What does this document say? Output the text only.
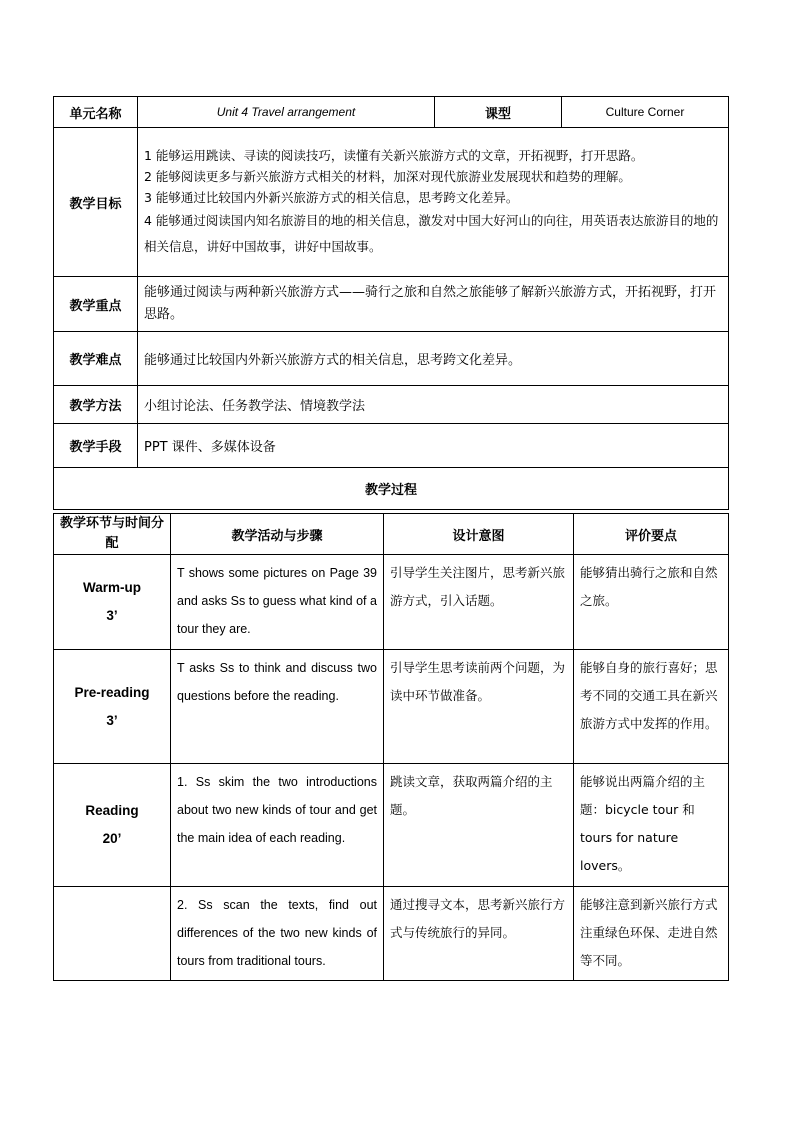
单元名称	Unit 4 Travel arrangement	课型	Culture Corner
教学目标	1 能够运用跳读、寻读的阅读技巧，读懂有关新兴旅游方式的文章，开拓视野，打开思路。
2 能够阅读更多与新兴旅游方式相关的材料，加深对现代旅游业发展现状和趋势的理解。
3 能够通过比较国内外新兴旅游方式的相关信息，思考跨文化差异。
4 能够通过阅读国内知名旅游目的地的相关信息，激发对中国大好河山的向往，用英语表达旅游目的地的相关信息，讲好中国故事，讲好中国故事。		

教学重点	能够通过阅读与两种新兴旅游方式——骑行之旅和自然之旅能够了解新兴旅游方式，开拓视野，打开思路。		
教学难点	能够通过比较国内外新兴旅游方式的相关信息，思考跨文化差异。		
教学方法	小组讨论法、任务教学法、情境教学法		
教学手段	PPT 课件、多媒体设备		
教学过程			
教学环节与时间分配	教学活动与步骤	设计意图	评价要点

Warm-up
3’	T shows some pictures on Page 39 and asks Ss to guess what kind of a tour they are.	引导学生关注图片，思考新兴旅游方式，引入话题。	能够猜出骑行之旅和自然之旅。

Pre-reading
3’	T asks Ss to think and discuss two questions before the reading.	引导学生思考读前两个问题，为读中环节做准备。	能够自身的旅行喜好；思考不同的交通工具在新兴旅游方式中发挥的作用。

Reading
20’	1. Ss skim the two introductions about two new kinds of tour and get the main idea of each reading.	跳读文章，获取两篇介绍的主题。	能够说出两篇介绍的主题：bicycle tour 和 tours for nature lovers。

	2. Ss scan the texts, find out differences of the two new kinds of tours from traditional tours.	通过搜寻文本，思考新兴旅行方式与传统旅行的异同。	能够注意到新兴旅行方式注重绿色环保、走进自然等不同。
